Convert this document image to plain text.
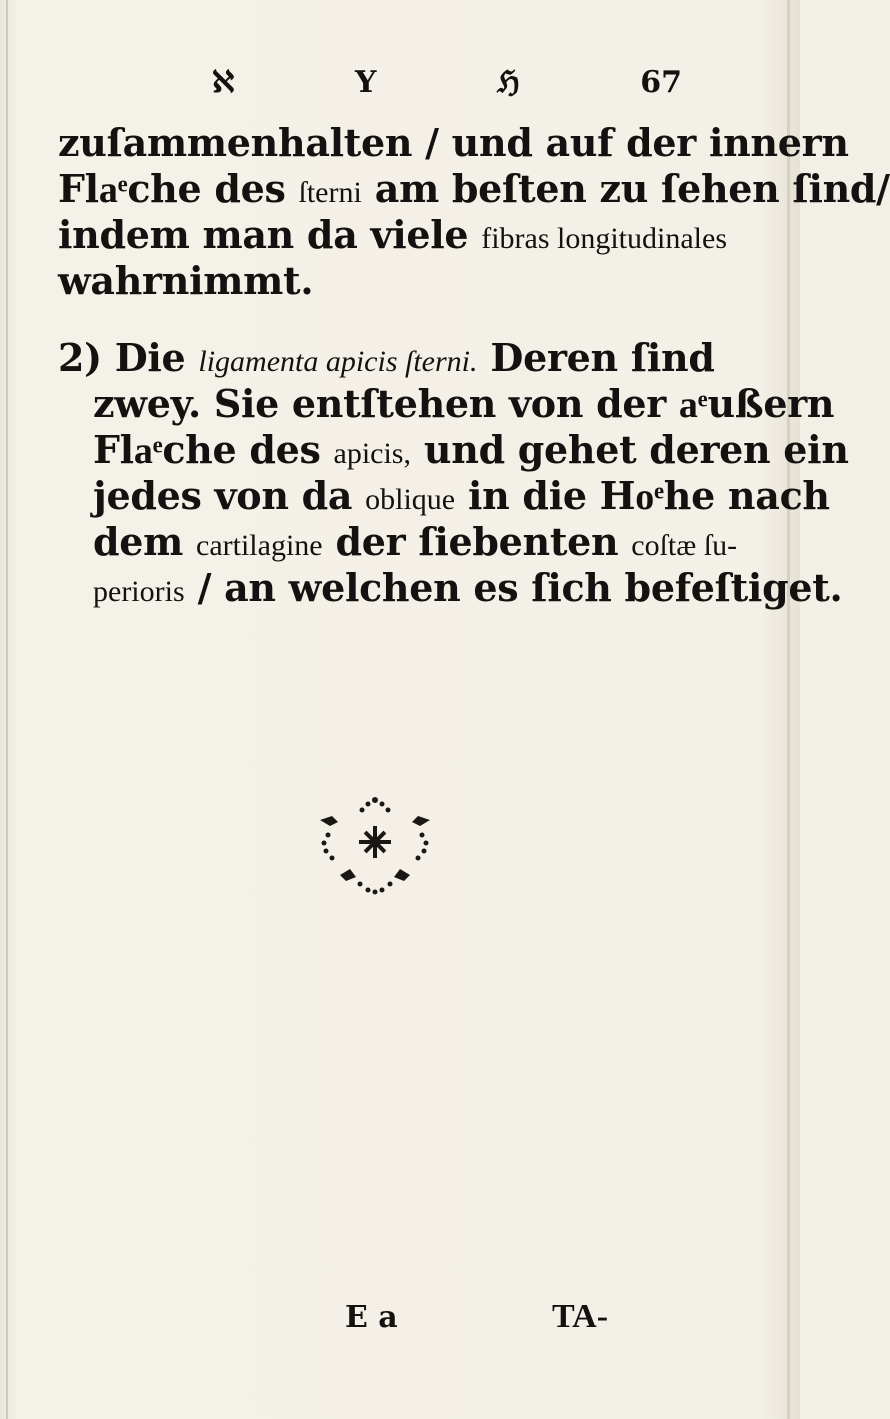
ℵ	Y	ℌ	67
zuſammenhalten / und auf der innern
Flaͤche des ſterni am beſten zu ſehen ſind/
indem man da viele fibras longitudinales
wahrnimmt.
2) Die ligamenta apicis ſterni. Deren ſind
zwey. Sie entſtehen von der aͤußern
Flaͤche des apicis, und gehet deren ein
jedes von da oblique in die Hoͤhe nach
dem cartilagine der ſiebenten coſtæ ſu-
perioris / an welchen es ſich befeſtiget.
E a	TA-
